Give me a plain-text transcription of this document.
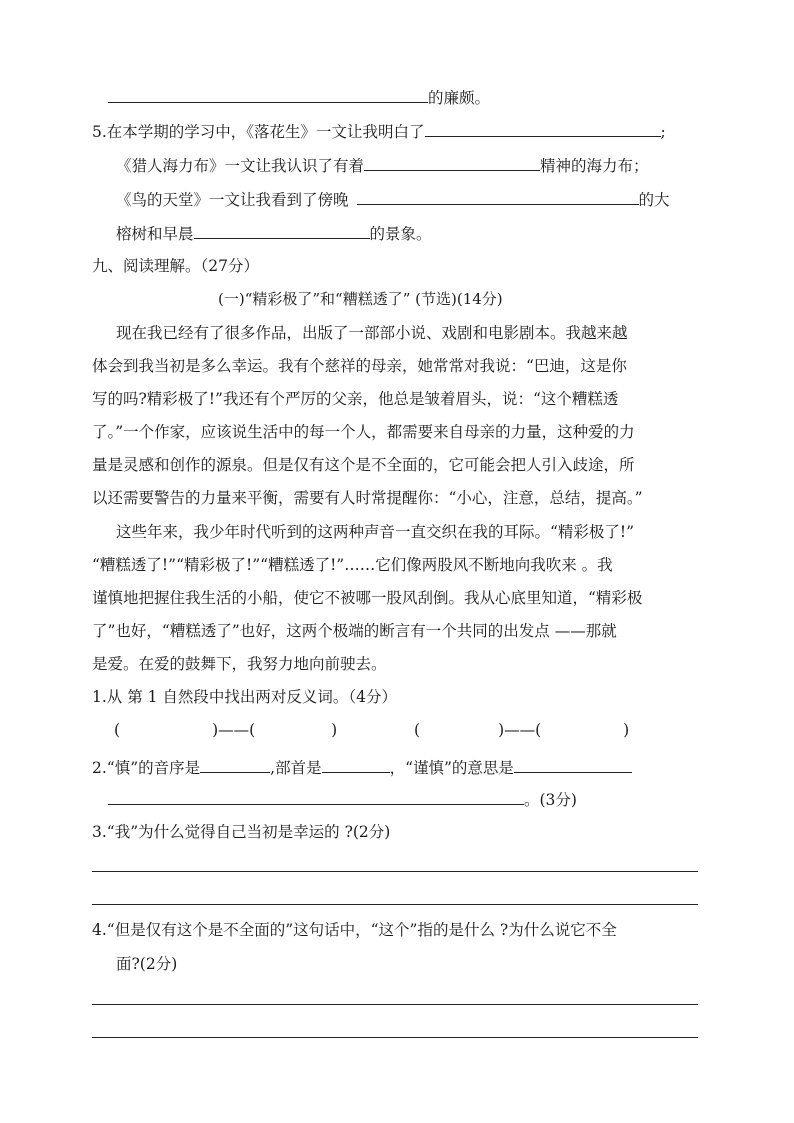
的廉颇。
5.在本学期的学习中，《落花生》一文让我明白了	;
《猎人海力布》一文让我认识了有着	精神的海力布；
《鸟的天堂》一文让我看到了傍晚	的大
榕树和早晨	的景象。
九、阅读理解。（27分）
(一)“精彩极了”和“糟糕透了” (节选)(14分)
现在我已经有了很多作品，出版了一部部小说、戏剧和电影剧本。我越来越
体会到我当初是多么幸运。我有个慈祥的母亲，她常常对我说：“巴迪，这是你
写的吗?精彩极了!”我还有个严厉的父亲，他总是皱着眉头，说：“这个糟糕透
了。”一个作家，应该说生活中的每一个人，都需要来自母亲的力量，这种爱的力
量是灵感和创作的源泉。但是仅有这个是不全面的，它可能会把人引入歧途，所
以还需要警告的力量来平衡，需要有人时常提醒你：“小心，注意，总结，提高。”
这些年来，我少年时代听到的这两种声音一直交织在我的耳际。“精彩极了!”
“糟糕透了!”“精彩极了!”“糟糕透了!”……它们像两股风不断地向我吹来 。我
谨慎地把握住我生活的小船，使它不被哪一股风刮倒。我从心底里知道，“精彩极
了”也好，“糟糕透了”也好，这两个极端的断言有一个共同的出发点 ——那就
是爱。在爱的鼓舞下，我努力地向前驶去。
1.从 第 1 自然段中找出两对反义词。（4分）
(	)——(	)	(	)——(	)
2.“慎”的音序是	,部首是	，“谨慎”的意思是
。(3分)
3.“我”为什么觉得自己当初是幸运的 ?(2分)
4.“但是仅有这个是不全面的”这句话中，“这个”指的是什么 ?为什么说它不全
面?(2分)
